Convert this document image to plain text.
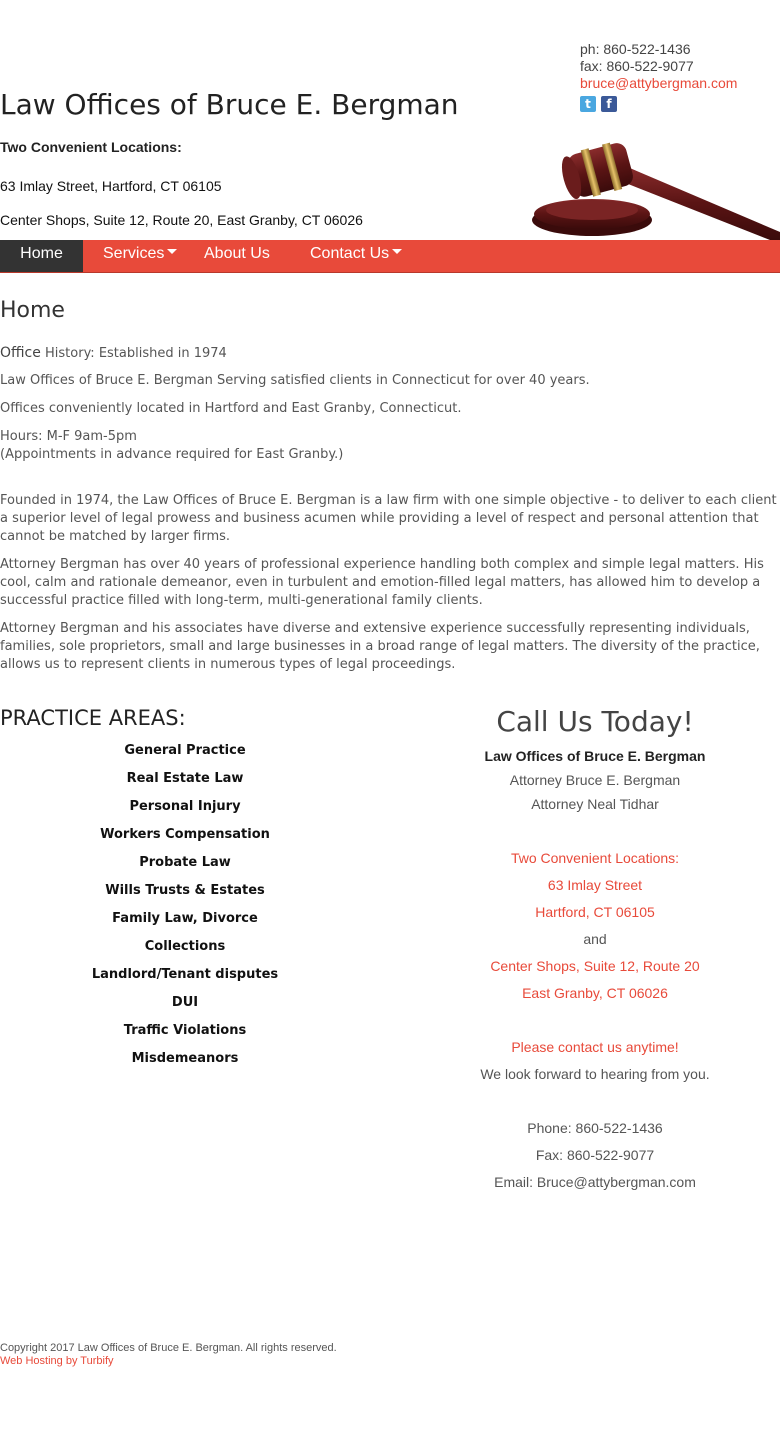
Law Offices of Bruce E. Bergman
Two Convenient Locations:
63 Imlay Street, Hartford, CT 06105
Center Shops, Suite 12, Route 20, East Granby, CT 06026
ph: 860-522-1436
fax: 860-522-9077
bruce@attybergman.com
t	f
Home	Services	About Us	Contact Us
Home

Office History: Established in 1974

Law Offices of Bruce E. Bergman Serving satisfied clients in Connecticut for over 40 years.

Offices conveniently located in Hartford and East Granby, Connecticut.

Hours: M-F 9am-5pm
(Appointments in advance required for East Granby.)

Founded in 1974, the Law Offices of Bruce E. Bergman is a law firm with one simple objective - to deliver to each client a superior level of legal prowess and business acumen while providing a level of respect and personal attention that cannot be matched by larger firms.

Attorney Bergman has over 40 years of professional experience handling both complex and simple legal matters. His cool, calm and rationale demeanor, even in turbulent and emotion-filled legal matters, has allowed him to develop a successful practice filled with long-term, multi-generational family clients.

Attorney Bergman and his associates have diverse and extensive experience successfully representing individuals, families, sole proprietors, small and large businesses in a broad range of legal matters. The diversity of the practice, allows us to represent clients in numerous types of legal proceedings.

PRACTICE AREAS:
General Practice
Real Estate Law
Personal Injury
Workers Compensation
Probate Law
Wills Trusts & Estates
Family Law, Divorce
Collections
Landlord/Tenant disputes
DUI
Traffic Violations
Misdemeanors
Call Us Today!
Law Offices of Bruce E. Bergman
Attorney Bruce E. Bergman
Attorney Neal Tidhar
Two Convenient Locations:
63 Imlay Street
Hartford, CT 06105
and
Center Shops, Suite 12, Route 20
East Granby, CT 06026
Please contact us anytime!
We look forward to hearing from you.
Phone: 860-522-1436
Fax: 860-522-9077
Email: Bruce@attybergman.com
Copyright 2017 Law Offices of Bruce E. Bergman. All rights reserved.
Web Hosting by Turbify
